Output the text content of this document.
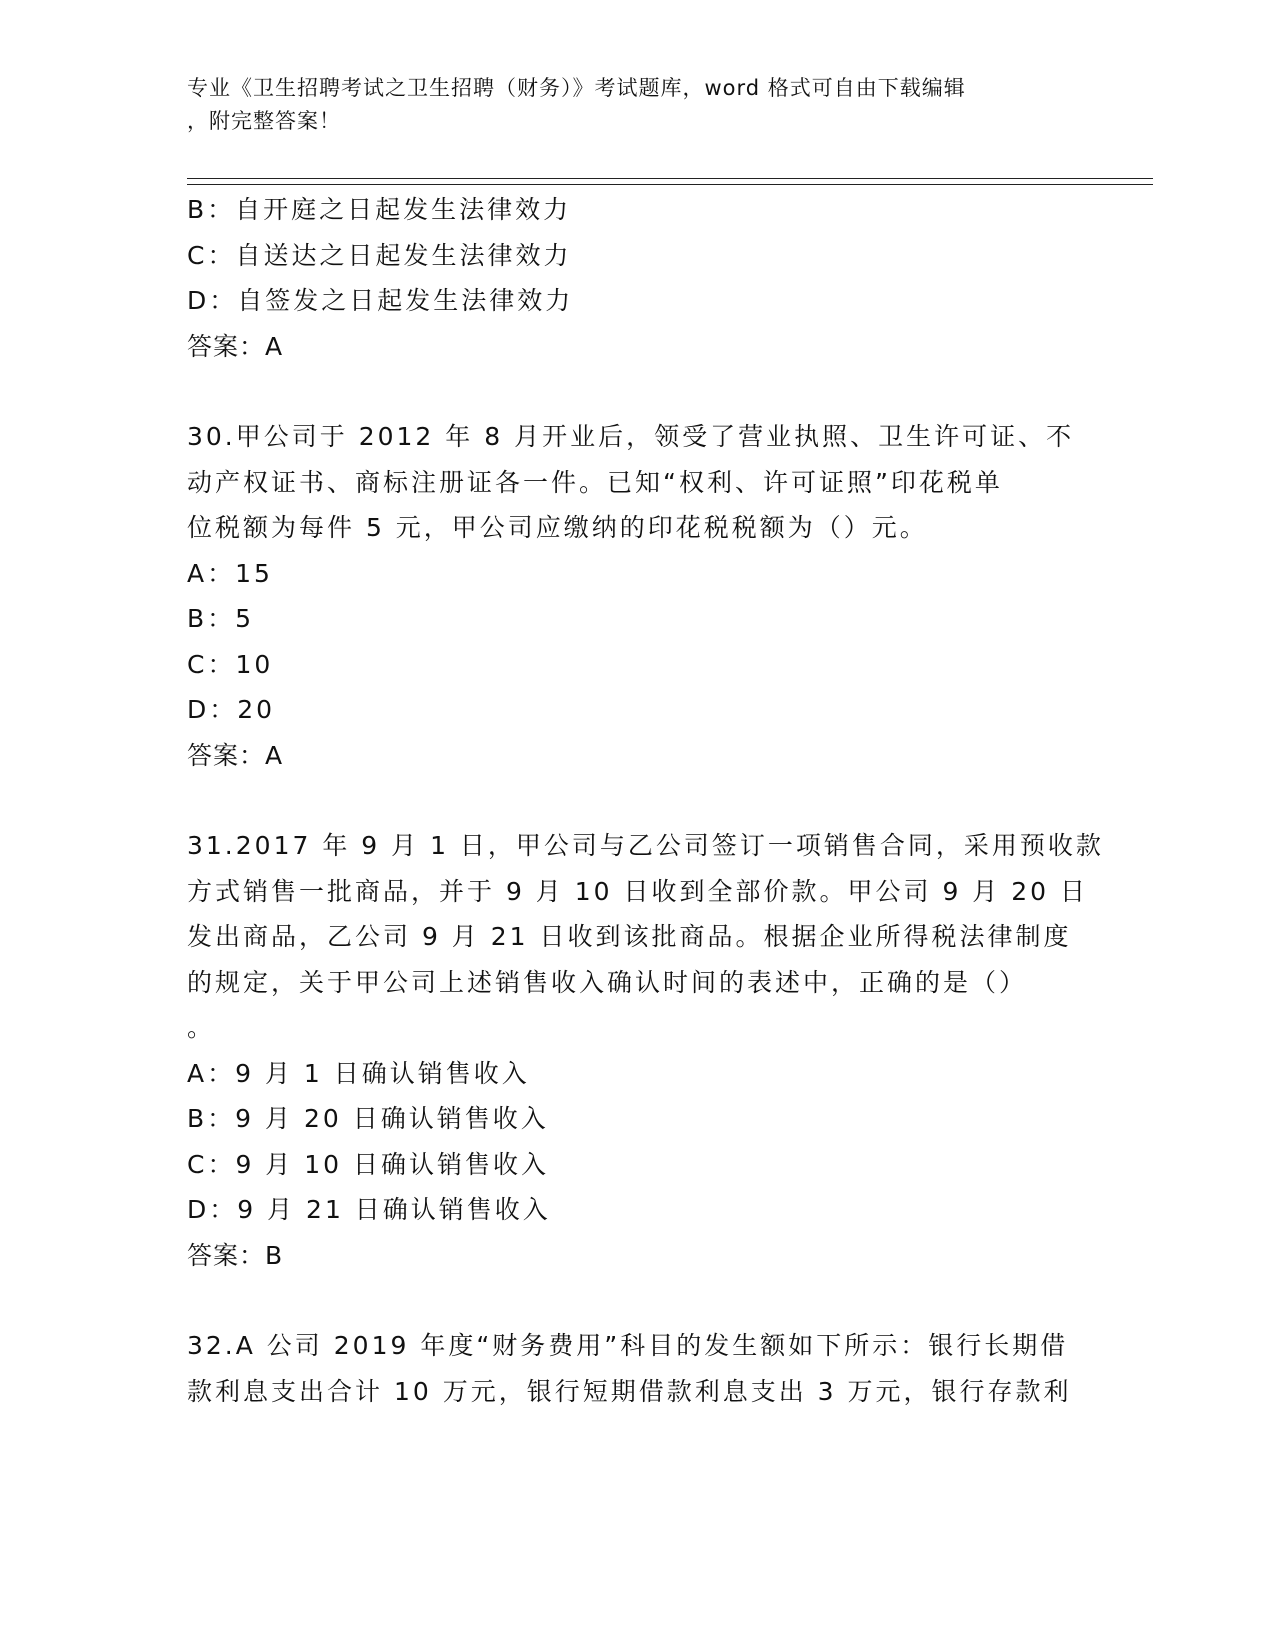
专业《卫生招聘考试之卫生招聘（财务）》考试题库，word 格式可自由下载编辑
，附完整答案！
B：自开庭之日起发生法律效力
C：自送达之日起发生法律效力
D：自签发之日起发生法律效力
答案：A
30.甲公司于 2012 年 8 月开业后，领受了营业执照、卫生许可证、不
动产权证书、商标注册证各一件。已知“权利、许可证照”印花税单
位税额为每件 5 元，甲公司应缴纳的印花税税额为（）元。
A：15
B：5
C：10
D：20
答案：A
31.2017 年 9 月 1 日，甲公司与乙公司签订一项销售合同，采用预收款
方式销售一批商品，并于 9 月 10 日收到全部价款。甲公司 9 月 20 日
发出商品，乙公司 9 月 21 日收到该批商品。根据企业所得税法律制度
的规定，关于甲公司上述销售收入确认时间的表述中，正确的是（）
。
A：9 月 1 日确认销售收入
B：9 月 20 日确认销售收入
C：9 月 10 日确认销售收入
D：9 月 21 日确认销售收入
答案：B
32.A 公司 2019 年度“财务费用”科目的发生额如下所示：银行长期借
款利息支出合计 10 万元，银行短期借款利息支出 3 万元，银行存款利
